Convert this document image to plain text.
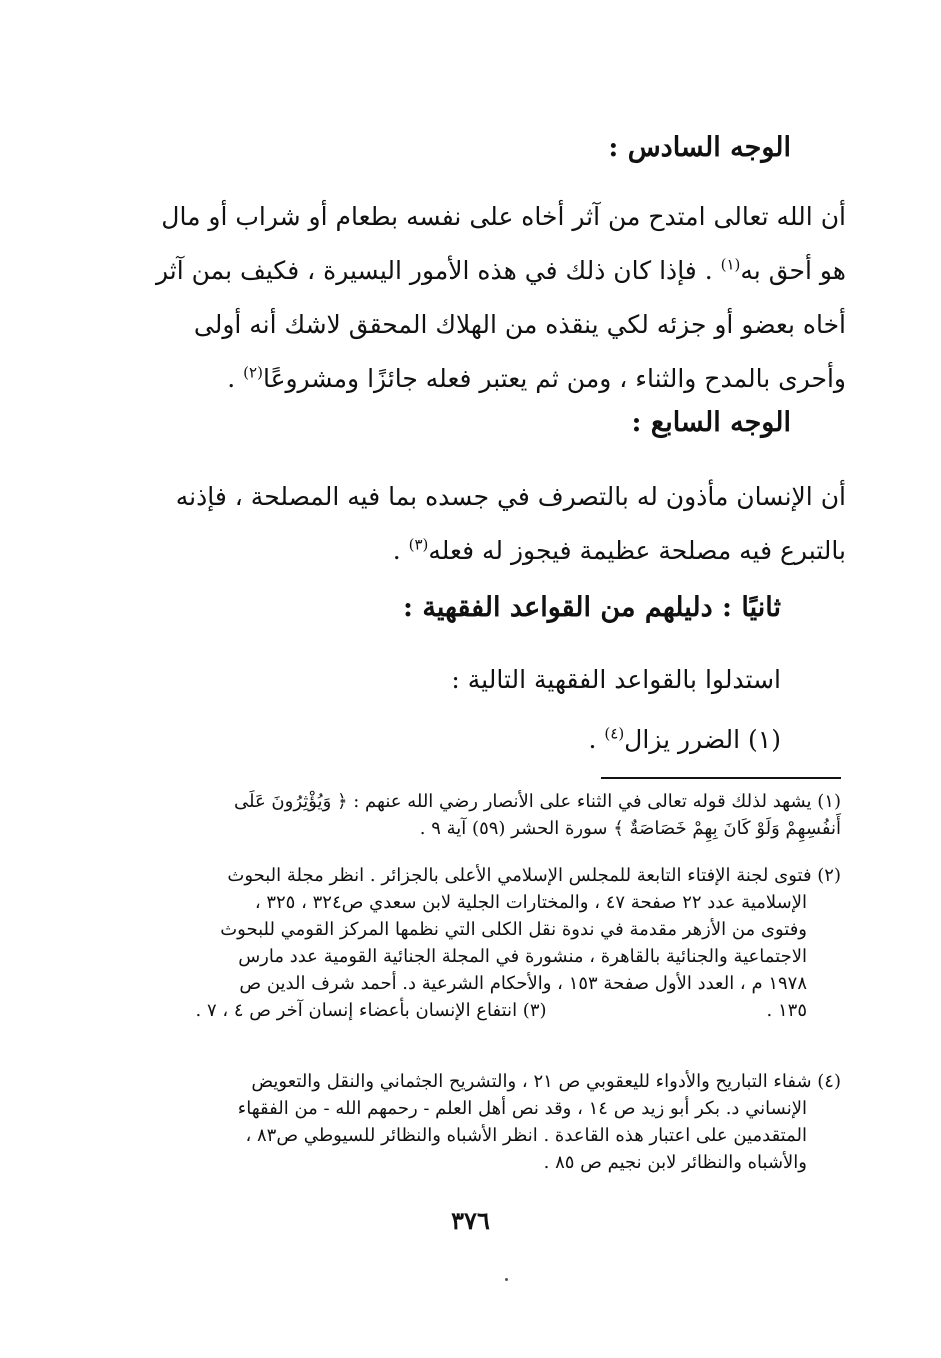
الوجه السادس :
أن الله تعالى امتدح من آثر أخاه على نفسه بطعام أو شراب أو مال
هو أحق به$^{(١)}$ . فإذا كان ذلك في هذه الأمور اليسيرة ، فكيف بمن آثر
أخاه بعضو أو جزئه لكي ينقذه من الهلاك المحقق لاشك أنه أولى
وأحرى بالمدح والثناء ، ومن ثم يعتبر فعله جائزًا ومشروعًا$^{(٢)}$ .
الوجه السابع :
أن الإنسان مأذون له بالتصرف في جسده بما فيه المصلحة ، فإذنه
بالتبرع فيه مصلحة عظيمة فيجوز له فعله$^{(٣)}$ .
ثانيًا : دليلهم من القواعد الفقهية :
استدلوا بالقواعد الفقهية التالية :
(١) الضرر يزال$^{(٤)}$ .
(١) يشهد لذلك قوله تعالى في الثناء على الأنصار رضي الله عنهم : ﴿ وَيُؤْثِرُونَ عَلَى
أَنفُسِهِمْ وَلَوْ كَانَ بِهِمْ خَصَاصَةٌ ﴾ سورة الحشر (٥٩) آية ٩ .
(٢) فتوى لجنة الإفتاء التابعة للمجلس الإسلامي الأعلى بالجزائر . انظر مجلة البحوث
الإسلامية عدد ٢٢ صفحة ٤٧ ، والمختارات الجلية لابن سعدي ص٣٢٤ ، ٣٢٥ ،
وفتوى من الأزهر مقدمة في ندوة نقل الكلى التي نظمها المركز القومي للبحوث
الاجتماعية والجنائية بالقاهرة ، منشورة في المجلة الجنائية القومية عدد مارس
١٩٧٨ م ، العدد الأول صفحة ١٥٣ ، والأحكام الشرعية د. أحمد شرف الدين ص
١٣٥ .(٣) انتفاع الإنسان بأعضاء إنسان آخر ص ٤ ، ٧ .
(٤) شفاء التباريح والأدواء لليعقوبي ص ٢١ ، والتشريح الجثماني والنقل والتعويض
الإنساني د. بكر أبو زيد ص ١٤ ، وقد نص أهل العلم - رحمهم الله - من الفقهاء
المتقدمين على اعتبار هذه القاعدة . انظر الأشباه والنظائر للسيوطي ص٨٣ ،
والأشباه والنظائر لابن نجيم ص ٨٥ .
٣٧٦
